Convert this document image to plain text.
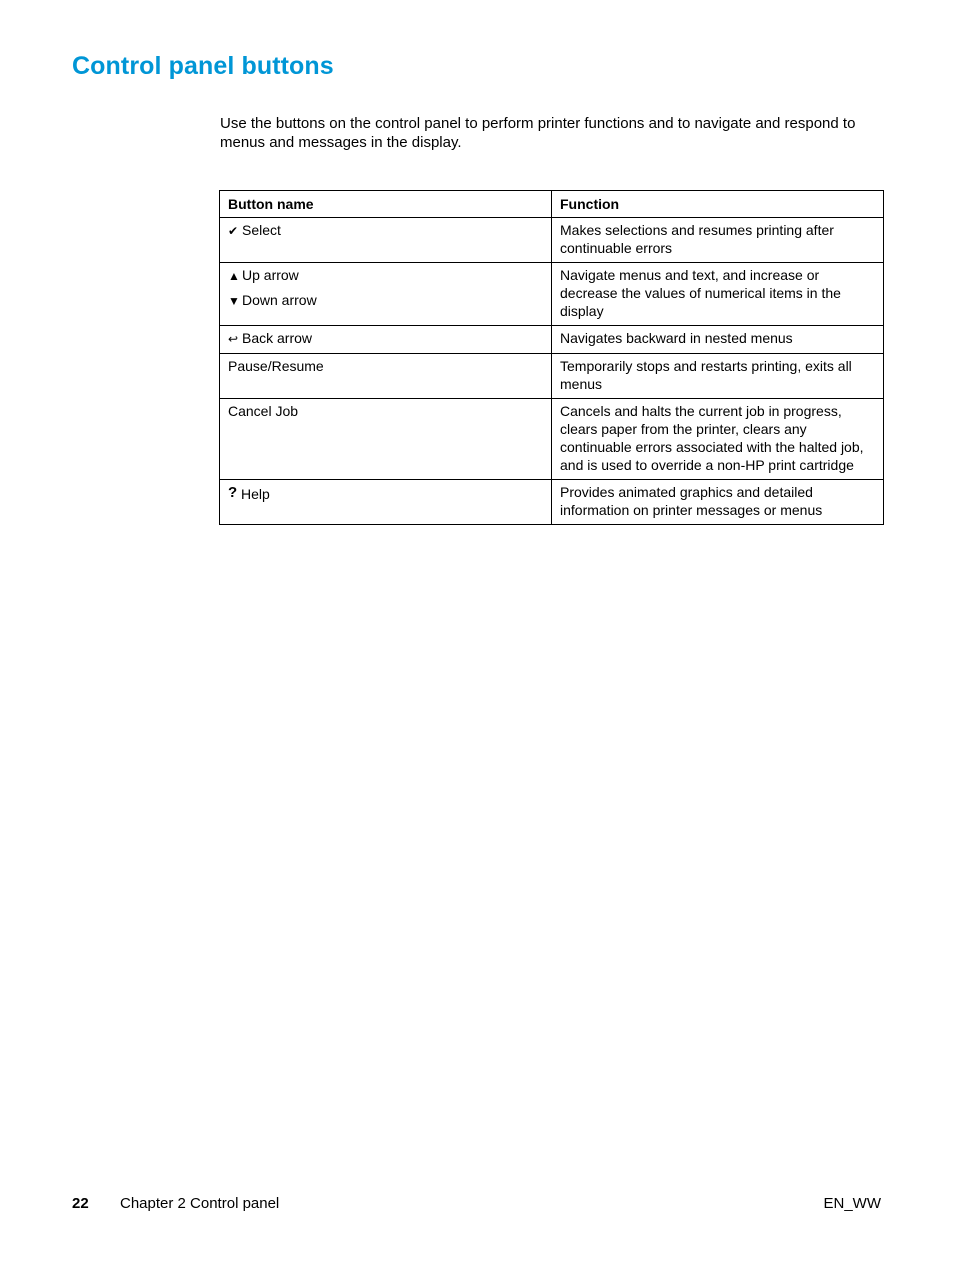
Control panel buttons

Use the buttons on the control panel to perform printer functions and to navigate and respond to menus and messages in the display.

Button name	Function

✔ Select	Makes selections and resumes printing after continuable errors

▲ Up arrow
▼ Down arrow	Navigate menus and text, and increase or decrease the values of numerical items in the display

↩ Back arrow	Navigates backward in nested menus

Pause/Resume	Temporarily stops and restarts printing, exits all menus

Cancel Job	Cancels and halts the current job in progress, clears paper from the printer, clears any continuable errors associated with the halted job, and is used to override a non-HP print cartridge

? Help	Provides animated graphics and detailed information on printer messages or menus
22 Chapter 2 Control panel	EN_WW
